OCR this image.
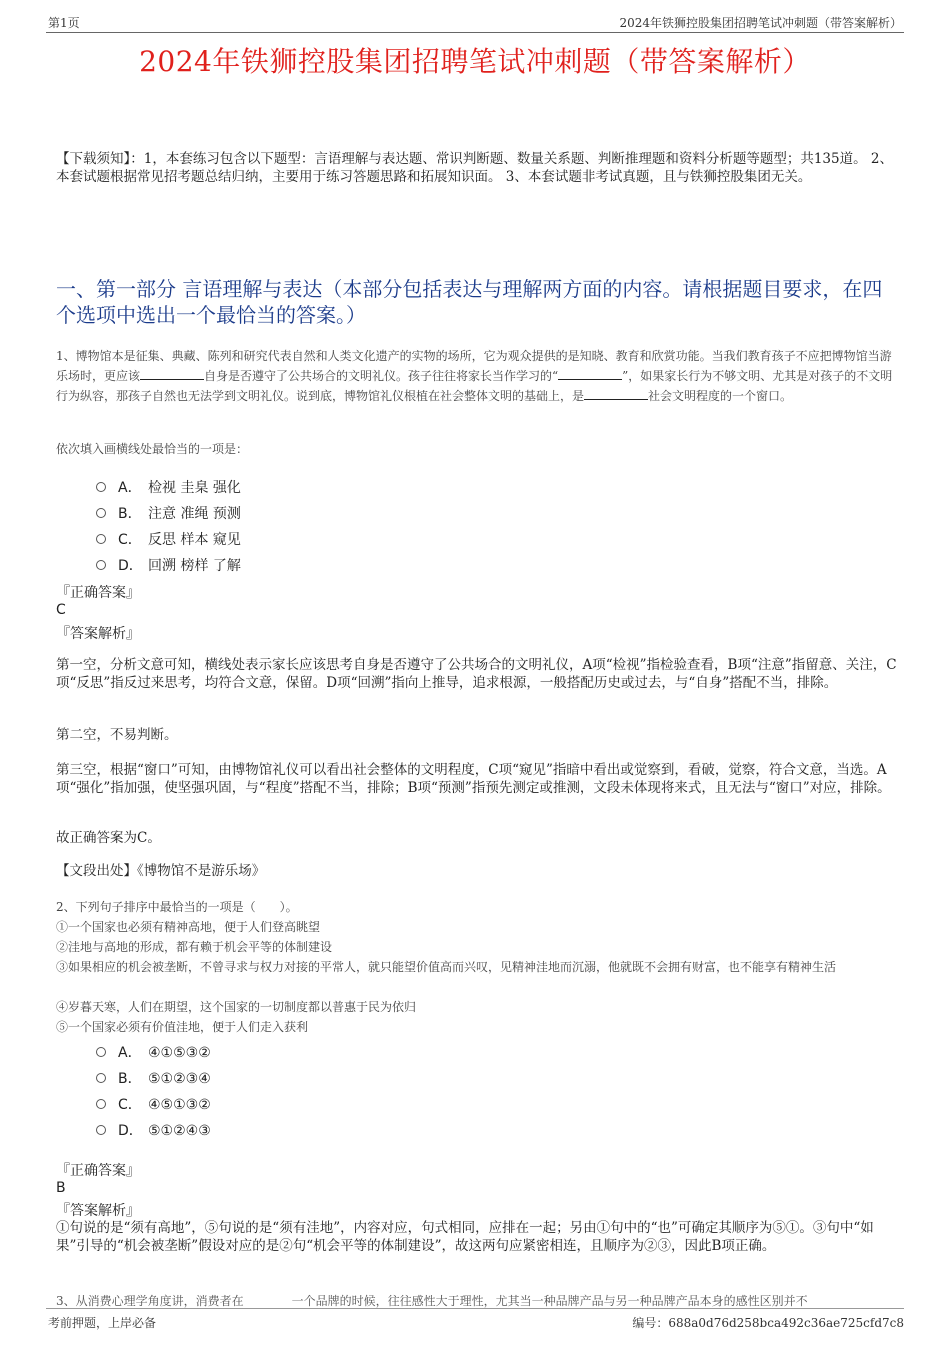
第1页	2024年铁狮控股集团招聘笔试冲刺题（带答案解析）
2024年铁狮控股集团招聘笔试冲刺题（带答案解析）
【下载须知】：1，本套练习包含以下题型：言语理解与表达题、常识判断题、数量关系题、判断推理题和资料分析题等题型；共135道。 2、本套试题根据常见招考题总结归纳，主要用于练习答题思路和拓展知识面。 3、本套试题非考试真题，且与铁狮控股集团无关。
一、第一部分 言语理解与表达（本部分包括表达与理解两方面的内容。请根据题目要求，在四个选项中选出一个最恰当的答案。）
1、博物馆本是征集、典藏、陈列和研究代表自然和人类文化遗产的实物的场所，它为观众提供的是知晓、教育和欣赏功能。当我们教育孩子不应把博物馆当游乐场时，更应该	自身是否遵守了公共场合的文明礼仪。孩子往往将家长当作学习的“	”，如果家长行为不够文明、尤其是对孩子的不文明行为纵容，那孩子自然也无法学到文明礼仪。说到底，博物馆礼仪根植在社会整体文明的基础上，是	社会文明程度的一个窗口。
依次填入画横线处最恰当的一项是：
A． 检视 圭臬 强化
B． 注意 准绳 预测
C． 反思 样本 窥见
D． 回溯 榜样 了解
『正确答案』
C
『答案解析』
第一空，分析文意可知，横线处表示家长应该思考自身是否遵守了公共场合的文明礼仪，A项“检视”指检验查看，B项“注意”指留意、关注，C项“反思”指反过来思考，均符合文意，保留。D项“回溯”指向上推导，追求根源，一般搭配历史或过去，与“自身”搭配不当，排除。
第二空，不易判断。
第三空，根据“窗口”可知，由博物馆礼仪可以看出社会整体的文明程度，C项“窥见”指暗中看出或觉察到，看破，觉察，符合文意，当选。A项“强化”指加强，使坚强巩固，与“程度”搭配不当，排除；B项“预测”指预先测定或推测，文段未体现将来式，且无法与“窗口”对应，排除。
故正确答案为C。
【文段出处】《博物馆不是游乐场》
2、下列句子排序中最恰当的一项是（　　）。
①一个国家也必须有精神高地，便于人们登高眺望
②洼地与高地的形成，都有赖于机会平等的体制建设
③如果相应的机会被垄断，不曾寻求与权力对接的平常人，就只能望价值高而兴叹，见精神洼地而沉溺，他就既不会拥有财富，也不能享有精神生活
④岁暮天寒，人们在期望，这个国家的一切制度都以普惠于民为依归
⑤一个国家必须有价值洼地，便于人们走入获利
A． ④①⑤③②
B． ⑤①②③④
C． ④⑤①③②
D． ⑤①②④③
『正确答案』
B
『答案解析』
①句说的是“须有高地”，⑤句说的是“须有洼地”，内容对应，句式相同，应排在一起；另由①句中的“也”可确定其顺序为⑤①。③句中“如果”引导的“机会被垄断”假设对应的是②句“机会平等的体制建设”，故这两句应紧密相连，且顺序为②③，因此B项正确。
3、从消费心理学角度讲，消费者在　　　　一个品牌的时候，往往感性大于理性，尤其当一种品牌产品与另一种品牌产品本身的感性区别并不
考前押题，上岸必备	编号：688a0d76d258bca492c36ae725cfd7c8
